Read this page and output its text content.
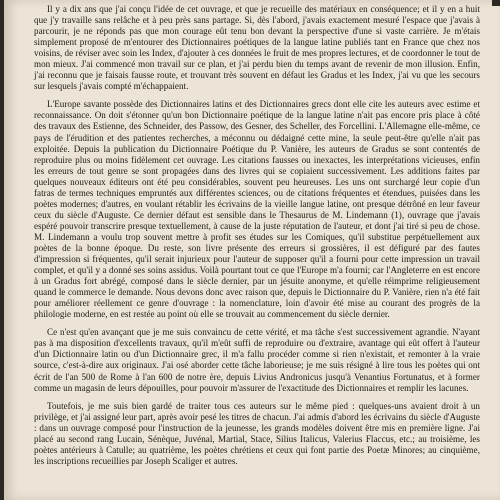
Il y a dix ans que j'ai conçu l'idée de cet ouvrage, et que je recueille des matériaux en conséquence; et il y en a huit que j'y travaille sans relâche et à peu près sans partage. Si, dès l'abord, j'avais exactement mesuré l'espace que j'avais à parcourir, je ne réponds pas que mon courage eût tenu bon devant la perspective d'une si vaste carrière. Je m'étais simplement proposé de m'entourer des Dictionnaires poétiques de la langue latine publiés tant en France que chez nos voisins, de réviser avec soin les Index, d'ajouter à ces données le fruit de mes propres lectures, et de coordonner le tout de mon mieux. J'ai commencé mon travail sur ce plan, et j'ai perdu bien du temps avant de revenir de mon illusion. Enfin, j'ai reconnu que je faisais fausse route, et trouvant très souvent en défaut les Gradus et les Index, j'ai vu que les secours sur lesquels j'avais compté m'échappaient.

L'Europe savante possède des Dictionnaires latins et des Dictionnaires grecs dont elle cite les auteurs avec estime et reconnaissance. On doit s'étonner qu'un bon Dictionnaire poétique de la langue latine n'ait pas encore pris place à côté des travaux des Estienne, des Schneider, des Passow, des Gesner, des Scheller, des Forcellini. L'Allemagne elle-même, ce pays de l'érudition et des patientes recherches, a méconnu ou dédaigné cette mine, la seule peut-être qu'elle n'ait pas exploitée. Depuis la publication du Dictionnaire Poétique du P. Vanière, les auteurs de Gradus se sont contentés de reproduire plus ou moins fidèlement cet ouvrage. Les citations fausses ou inexactes, les interprétations vicieuses, enfin les erreurs de tout genre se sont propagées dans des livres qui se copiaient successivement. Les additions faites par quelques nouveaux éditeurs ont été peu considérables, souvent peu heureuses. Les uns ont surchargé leur copie d'un fatras de termes techniques empruntés aux différentes sciences, ou de citations fréquentes et étendues, puisées dans les poètes modernes; d'autres, en voulant rétablir les écrivains de la vieille langue latine, ont presque détrôné en leur faveur ceux du siècle d'Auguste. Ce dernier défaut est sensible dans le Thesaurus de M. Lindemann (1), ouvrage que j'avais espéré pouvoir transcrire presque textuellement, à cause de la juste réputation de l'auteur, et dont j'ai tiré si peu de chose. M. Lindemann a voulu trop souvent mettre à profit ses études sur les Comiques, qu'il substitue perpétuellement aux poètes de la bonne époque. Du reste, son livre présente des erreurs si grossières, il est défiguré par des fautes d'impression si fréquentes, qu'il serait injurieux pour l'auteur de supposer qu'il a fourni pour cette impression un travail complet, et qu'il y a donné ses soins assidus. Voilà pourtant tout ce que l'Europe m'a fourni; car l'Angleterre en est encore à un Gradus fort abrégé, composé dans le siècle dernier, par un jésuite anonyme, et qu'elle réimprime religieusement quand le commerce le demande. Nous devons donc avec raison que, depuis le Dictionnaire du P. Vanière, rien n'a été fait pour améliorer réellement ce genre d'ouvrage : la nomenclature, loin d'avoir été mise au courant des progrès de la philologie moderne, en est restée au point où elle se trouvait au commencement du siècle dernier.

Ce n'est qu'en avançant que je me suis convaincu de cette vérité, et ma tâche s'est successivement agrandie. N'ayant pas à ma disposition d'excellents travaux, qu'il m'eût suffi de reproduire ou d'extraire, avantage qui eût offert à l'auteur d'un Dictionnaire latin ou d'un Dictionnaire grec, il m'a fallu procéder comme si rien n'existait, et remonter à la vraie source, c'est-à-dire aux originaux. J'ai osé aborder cette tâche laborieuse; je me suis résigné à lire tous les poètes qui ont écrit de l'an 500 de Rome à l'an 600 de notre ère, depuis Livius Andronicus jusqu'à Venantius Fortunatus, et à former comme un magasin de leurs dépouilles, pour pouvoir m'assurer de l'exactitude des Dictionnaires et remplir les lacunes.

Toutefois, je me suis bien gardé de traiter tous ces auteurs sur le même pied : quelques-uns avaient droit à un privilège, et j'ai assigné leur part, après avoir pesé les titres de chacun. J'ai admis d'abord les écrivains du siècle d'Auguste : dans un ouvrage composé pour l'instruction de la jeunesse, les grands modèles doivent être mis en première ligne. J'ai placé au second rang Lucain, Sénèque, Juvénal, Martial, Stace, Silius Italicus, Valerius Flaccus, etc.; au troisième, les poètes antérieurs à Catulle; au quatrième, les poètes chrétiens et ceux qui font partie des Poetæ Minores; au cinquième, les inscriptions recueillies par Joseph Scaliger et autres.
